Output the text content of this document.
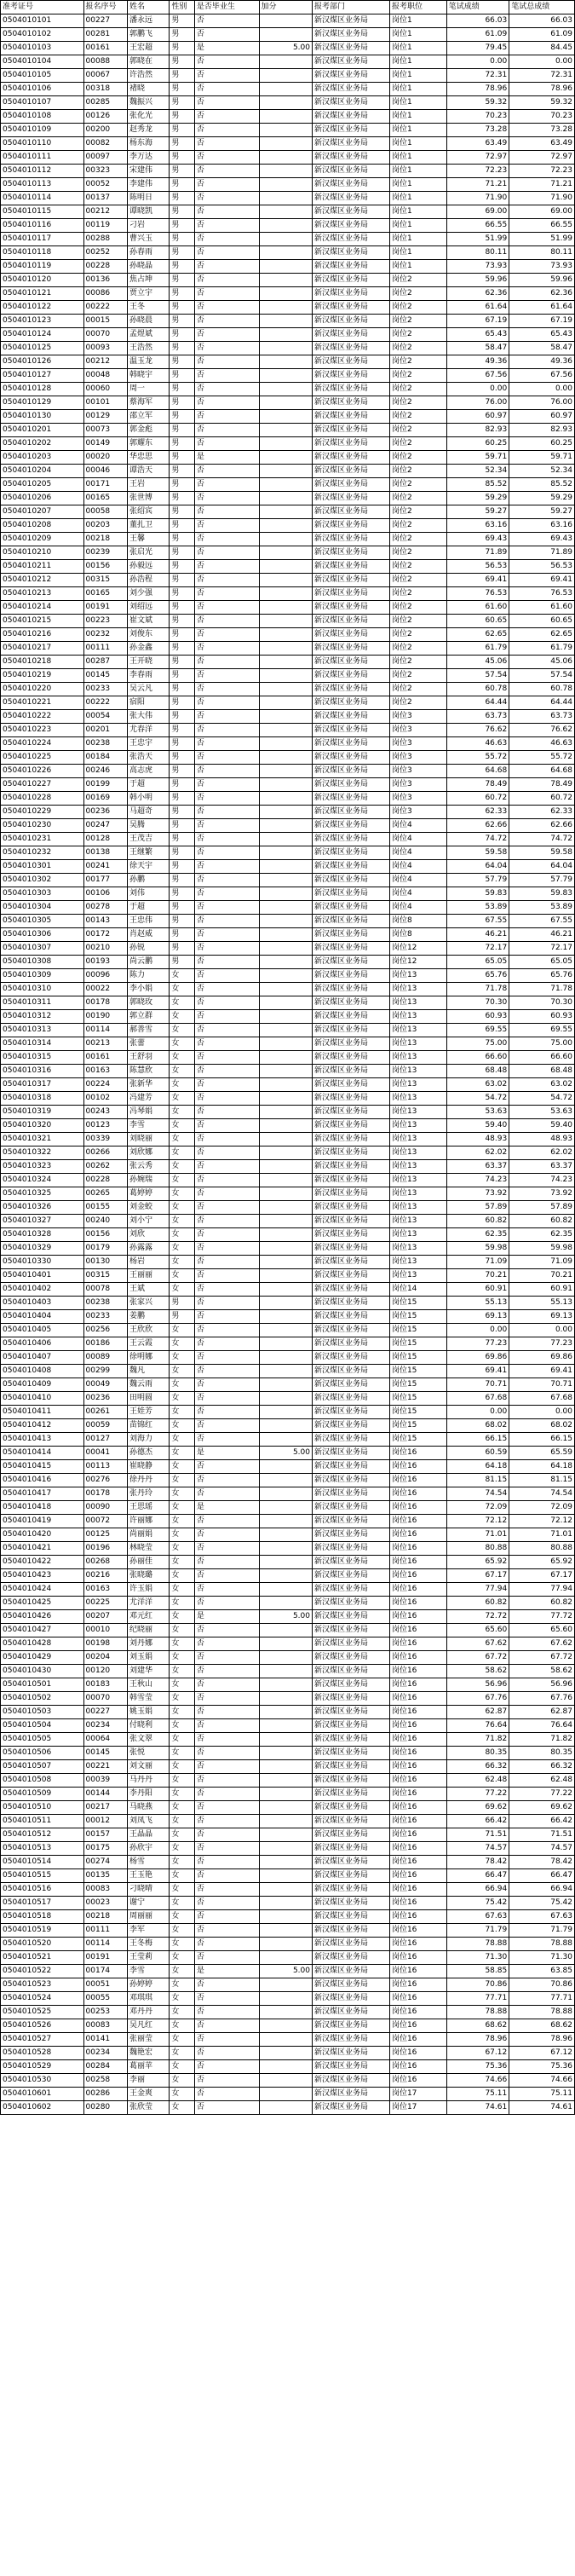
准考证号	报名序号	姓名	性别	是否毕业生	加分	报考部门	报考职位	笔试成绩	笔试总成绩
0504010101	00227	潘永远	男	否		新汉煤区业务局	岗位1	66.03	66.03
0504010102	00281	郭鹏飞	男	否		新汉煤区业务局	岗位1	61.09	61.09
0504010103	00161	王宏超	男	是	5.00	新汉煤区业务局	岗位1	79.45	84.45
0504010104	00088	郭晓在	男	否		新汉煤区业务局	岗位1	0.00	0.00
0504010105	00067	许浩然	男	否		新汉煤区业务局	岗位1	72.31	72.31
0504010106	00318	褚晓	男	否		新汉煤区业务局	岗位1	78.96	78.96
0504010107	00285	魏振兴	男	否		新汉煤区业务局	岗位1	59.32	59.32
0504010108	00126	张化光	男	否		新汉煤区业务局	岗位1	70.23	70.23
0504010109	00200	赵秀龙	男	否		新汉煤区业务局	岗位1	73.28	73.28
0504010110	00082	杨东海	男	否		新汉煤区业务局	岗位1	63.49	63.49
0504010111	00097	李万达	男	否		新汉煤区业务局	岗位1	72.97	72.97
0504010112	00323	宋建伟	男	否		新汉煤区业务局	岗位1	72.23	72.23
0504010113	00052	李建伟	男	否		新汉煤区业务局	岗位1	71.21	71.21
0504010114	00137	陈明日	男	否		新汉煤区业务局	岗位1	71.90	71.90
0504010115	00212	谭晓凯	男	否		新汉煤区业务局	岗位1	69.00	69.00
0504010116	00119	刁岩	男	否		新汉煤区业务局	岗位1	66.55	66.55
0504010117	00288	曹兴玉	男	否		新汉煤区业务局	岗位1	51.99	51.99
0504010118	00252	孙春雨	男	否		新汉煤区业务局	岗位1	80.11	80.11
0504010119	00228	孙晓晶	男	否		新汉煤区业务局	岗位1	73.93	73.93
0504010120	00136	焦占坤	男	否		新汉煤区业务局	岗位2	59.96	59.96
0504010121	00086	贾立宇	男	否		新汉煤区业务局	岗位2	62.36	62.36
0504010122	00222	王冬	男	否		新汉煤区业务局	岗位2	61.64	61.64
0504010123	00015	孙晓晨	男	否		新汉煤区业务局	岗位2	67.19	67.19
0504010124	00070	孟煜斌	男	否		新汉煤区业务局	岗位2	65.43	65.43
0504010125	00093	王浩然	男	否		新汉煤区业务局	岗位2	58.47	58.47
0504010126	00212	温玉龙	男	否		新汉煤区业务局	岗位2	49.36	49.36
0504010127	00048	韩晓宇	男	否		新汉煤区业务局	岗位2	67.56	67.56
0504010128	00060	周一	男	否		新汉煤区业务局	岗位2	0.00	0.00
0504010129	00101	蔡海军	男	否		新汉煤区业务局	岗位2	76.00	76.00
0504010130	00129	邵立军	男	否		新汉煤区业务局	岗位2	60.97	60.97
0504010201	00073	郭金彪	男	否		新汉煤区业务局	岗位2	82.93	82.93
0504010202	00149	郭耀东	男	否		新汉煤区业务局	岗位2	60.25	60.25
0504010203	00020	华忠思	男	是		新汉煤区业务局	岗位2	59.71	59.71
0504010204	00046	谭浩天	男	否		新汉煤区业务局	岗位2	52.34	52.34
0504010205	00171	王岩	男	否		新汉煤区业务局	岗位2	85.52	85.52
0504010206	00165	张世博	男	否		新汉煤区业务局	岗位2	59.29	59.29
0504010207	00058	张绍宾	男	否		新汉煤区业务局	岗位2	59.27	59.27
0504010208	00203	董扎卫	男	否		新汉煤区业务局	岗位2	63.16	63.16
0504010209	00218	王馨	男	否		新汉煤区业务局	岗位2	69.43	69.43
0504010210	00239	张启光	男	否		新汉煤区业务局	岗位2	71.89	71.89
0504010211	00156	孙毅远	男	否		新汉煤区业务局	岗位2	56.53	56.53
0504010212	00315	孙浩程	男	否		新汉煤区业务局	岗位2	69.41	69.41
0504010213	00165	刘少强	男	否		新汉煤区业务局	岗位2	76.53	76.53
0504010214	00191	刘绍远	男	否		新汉煤区业务局	岗位2	61.60	61.60
0504010215	00223	崔文斌	男	否		新汉煤区业务局	岗位2	60.65	60.65
0504010216	00232	刘俊东	男	否		新汉煤区业务局	岗位2	62.65	62.65
0504010217	00111	孙金鑫	男	否		新汉煤区业务局	岗位2	61.79	61.79
0504010218	00287	王开晓	男	否		新汉煤区业务局	岗位2	45.06	45.06
0504010219	00145	李春雨	男	否		新汉煤区业务局	岗位2	57.54	57.54
0504010220	00233	吴云凡	男	否		新汉煤区业务局	岗位2	60.78	60.78
0504010221	00222	宿阳	男	否		新汉煤区业务局	岗位2	64.44	64.44
0504010222	00054	张大伟	男	否		新汉煤区业务局	岗位3	63.73	63.73
0504010223	00201	尤春洋	男	否		新汉煤区业务局	岗位3	76.62	76.62
0504010224	00238	王忠宇	男	否		新汉煤区业务局	岗位3	46.63	46.63
0504010225	00184	张浩天	男	否		新汉煤区业务局	岗位3	55.72	55.72
0504010226	00246	高志虎	男	否		新汉煤区业务局	岗位3	64.68	64.68
0504010227	00199	于超	男	否		新汉煤区业务局	岗位3	78.49	78.49
0504010228	00169	韩小明	男	否		新汉煤区业务局	岗位3	60.72	60.72
0504010229	00236	马超奇	男	否		新汉煤区业务局	岗位3	62.33	62.33
0504010230	00247	吴腾	男	否		新汉煤区业务局	岗位4	62.66	62.66
0504010231	00128	王茂吉	男	否		新汉煤区业务局	岗位4	74.72	74.72
0504010232	00138	王继繁	男	否		新汉煤区业务局	岗位4	59.58	59.58
0504010301	00241	徐天宇	男	否		新汉煤区业务局	岗位4	64.04	64.04
0504010302	00177	孙鹏	男	否		新汉煤区业务局	岗位4	57.79	57.79
0504010303	00106	刘伟	男	否		新汉煤区业务局	岗位4	59.83	59.83
0504010304	00278	于超	男	否		新汉煤区业务局	岗位4	53.89	53.89
0504010305	00143	王忠伟	男	否		新汉煤区业务局	岗位8	67.55	67.55
0504010306	00172	肖赵威	男	否		新汉煤区业务局	岗位8	46.21	46.21
0504010307	00210	孙锐	男	否		新汉煤区业务局	岗位12	72.17	72.17
0504010308	00193	尚云鹏	男	否		新汉煤区业务局	岗位12	65.05	65.05
0504010309	00096	陈力	女	否		新汉煤区业务局	岗位13	65.76	65.76
0504010310	00022	李小娟	女	否		新汉煤区业务局	岗位13	71.78	71.78
0504010311	00178	郭晓玫	女	否		新汉煤区业务局	岗位13	70.30	70.30
0504010312	00190	郭立群	女	否		新汉煤区业务局	岗位13	60.93	60.93
0504010313	00114	郝善雪	女	否		新汉煤区业务局	岗位13	69.55	69.55
0504010314	00213	张蕾	女	否		新汉煤区业务局	岗位13	75.00	75.00
0504010315	00161	王舒羽	女	否		新汉煤区业务局	岗位13	66.60	66.60
0504010316	00163	陈慧欣	女	否		新汉煤区业务局	岗位13	68.48	68.48
0504010317	00224	张新华	女	否		新汉煤区业务局	岗位13	63.02	63.02
0504010318	00102	冯建芳	女	否		新汉煤区业务局	岗位13	54.72	54.72
0504010319	00243	冯琴娟	女	否		新汉煤区业务局	岗位13	53.63	53.63
0504010320	00123	李雪	女	否		新汉煤区业务局	岗位13	59.40	59.40
0504010321	00339	刘晓丽	女	否		新汉煤区业务局	岗位13	48.93	48.93
0504010322	00266	刘欣娜	女	否		新汉煤区业务局	岗位13	62.02	62.02
0504010323	00262	张云秀	女	否		新汉煤区业务局	岗位13	63.37	63.37
0504010324	00228	孙婉瑞	女	否		新汉煤区业务局	岗位13	74.23	74.23
0504010325	00265	葛婷婷	女	否		新汉煤区业务局	岗位13	73.92	73.92
0504010326	00155	刘金蛟	女	否		新汉煤区业务局	岗位13	57.89	57.89
0504010327	00240	刘小宁	女	否		新汉煤区业务局	岗位13	60.82	60.82
0504010328	00156	刘欣	女	否		新汉煤区业务局	岗位13	62.35	62.35
0504010329	00179	孙露露	女	否		新汉煤区业务局	岗位13	59.98	59.98
0504010330	00130	杨岩	女	否		新汉煤区业务局	岗位13	71.09	71.09
0504010401	00315	王丽丽	女	否		新汉煤区业务局	岗位13	70.21	70.21
0504010402	00078	王斌	女	否		新汉煤区业务局	岗位14	60.91	60.91
0504010403	00238	张家兴	男	否		新汉煤区业务局	岗位15	55.13	55.13
0504010404	00233	姜鹏	男	否		新汉煤区业务局	岗位15	69.13	69.13
0504010405	00256	王欣欣	女	否		新汉煤区业务局	岗位15	0.00	0.00
0504010406	00186	王云霞	女	否		新汉煤区业务局	岗位15	77.23	77.23
0504010407	00089	徐明娜	女	否		新汉煤区业务局	岗位15	69.86	69.86
0504010408	00299	魏凡	女	否		新汉煤区业务局	岗位15	69.41	69.41
0504010409	00049	魏云雨	女	否		新汉煤区业务局	岗位15	70.71	70.71
0504010410	00236	田明圆	女	否		新汉煤区业务局	岗位15	67.68	67.68
0504010411	00261	王娃芳	女	否		新汉煤区业务局	岗位15	0.00	0.00
0504010412	00059	苗锦红	女	否		新汉煤区业务局	岗位15	68.02	68.02
0504010413	00127	刘海力	女	否		新汉煤区业务局	岗位15	66.15	66.15
0504010414	00041	孙德杰	女	是	5.00	新汉煤区业务局	岗位16	60.59	65.59
0504010415	00113	崔晓静	女	否		新汉煤区业务局	岗位16	64.18	64.18
0504010416	00276	徐丹丹	女	否		新汉煤区业务局	岗位16	81.15	81.15
0504010417	00178	张丹玲	女	否		新汉煤区业务局	岗位16	74.54	74.54
0504010418	00090	王思瑶	女	是		新汉煤区业务局	岗位16	72.09	72.09
0504010419	00072	许丽娜	女	否		新汉煤区业务局	岗位16	72.12	72.12
0504010420	00125	尚丽娟	女	否		新汉煤区业务局	岗位16	71.01	71.01
0504010421	00196	林晓莹	女	否		新汉煤区业务局	岗位16	80.88	80.88
0504010422	00268	孙丽佳	女	否		新汉煤区业务局	岗位16	65.92	65.92
0504010423	00216	张晓璐	女	否		新汉煤区业务局	岗位16	67.17	67.17
0504010424	00163	许玉娟	女	否		新汉煤区业务局	岗位16	77.94	77.94
0504010425	00225	尤洋洋	女	否		新汉煤区业务局	岗位16	60.82	60.82
0504010426	00207	邓元红	女	是	5.00	新汉煤区业务局	岗位16	72.72	77.72
0504010427	00010	纪晓丽	女	否		新汉煤区业务局	岗位16	65.60	65.60
0504010428	00198	刘丹娜	女	否		新汉煤区业务局	岗位16	67.62	67.62
0504010429	00204	刘玉娟	女	否		新汉煤区业务局	岗位16	67.72	67.72
0504010430	00120	刘建华	女	否		新汉煤区业务局	岗位16	58.62	58.62
0504010501	00183	王秋山	女	否		新汉煤区业务局	岗位16	56.96	56.96
0504010502	00070	韩雪莹	女	否		新汉煤区业务局	岗位16	67.76	67.76
0504010503	00227	姚玉娟	女	否		新汉煤区业务局	岗位16	62.87	62.87
0504010504	00234	付晓利	女	否		新汉煤区业务局	岗位16	76.64	76.64
0504010505	00064	张文翠	女	否		新汉煤区业务局	岗位16	71.82	71.82
0504010506	00145	张悦	女	否		新汉煤区业务局	岗位16	80.35	80.35
0504010507	00221	刘文丽	女	否		新汉煤区业务局	岗位16	66.32	66.32
0504010508	00039	马丹丹	女	否		新汉煤区业务局	岗位16	62.48	62.48
0504010509	00144	李丹阳	女	否		新汉煤区业务局	岗位16	77.22	77.22
0504010510	00217	马晓燕	女	否		新汉煤区业务局	岗位16	69.62	69.62
0504010511	00012	刘凤飞	女	否		新汉煤区业务局	岗位16	66.42	66.42
0504010512	00157	王晶晶	女	否		新汉煤区业务局	岗位16	71.51	71.51
0504010513	00175	孙欣宇	女	否		新汉煤区业务局	岗位16	74.57	74.57
0504010514	00274	杨雪	女	否		新汉煤区业务局	岗位16	78.42	78.42
0504010515	00135	王玉艳	女	否		新汉煤区业务局	岗位16	66.47	66.47
0504010516	00083	刁晓晴	女	否		新汉煤区业务局	岗位16	66.94	66.94
0504010517	00023	谢宁	女	否		新汉煤区业务局	岗位16	75.42	75.42
0504010518	00218	周丽丽	女	否		新汉煤区业务局	岗位16	67.63	67.63
0504010519	00111	李军	女	否		新汉煤区业务局	岗位16	71.79	71.79
0504010520	00114	王冬梅	女	否		新汉煤区业务局	岗位16	78.88	78.88
0504010521	00191	王莹莉	女	否		新汉煤区业务局	岗位16	71.30	71.30
0504010522	00174	李雪	女	是	5.00	新汉煤区业务局	岗位16	58.85	63.85
0504010523	00051	孙婷婷	女	否		新汉煤区业务局	岗位16	70.86	70.86
0504010524	00055	邓琪琪	女	否		新汉煤区业务局	岗位16	77.71	77.71
0504010525	00253	邓丹丹	女	否		新汉煤区业务局	岗位16	78.88	78.88
0504010526	00083	吴凡红	女	否		新汉煤区业务局	岗位16	68.62	68.62
0504010527	00141	张丽莹	女	否		新汉煤区业务局	岗位16	78.96	78.96
0504010528	00234	魏艳宏	女	否		新汉煤区业务局	岗位16	67.12	67.12
0504010529	00284	葛丽苹	女	否		新汉煤区业务局	岗位16	75.36	75.36
0504010530	00258	李丽	女	否		新汉煤区业务局	岗位16	74.66	74.66
0504010601	00286	王金爽	女	否		新汉煤区业务局	岗位17	75.11	75.11
0504010602	00280	张欣莹	女	否		新汉煤区业务局	岗位17	74.61	74.61
